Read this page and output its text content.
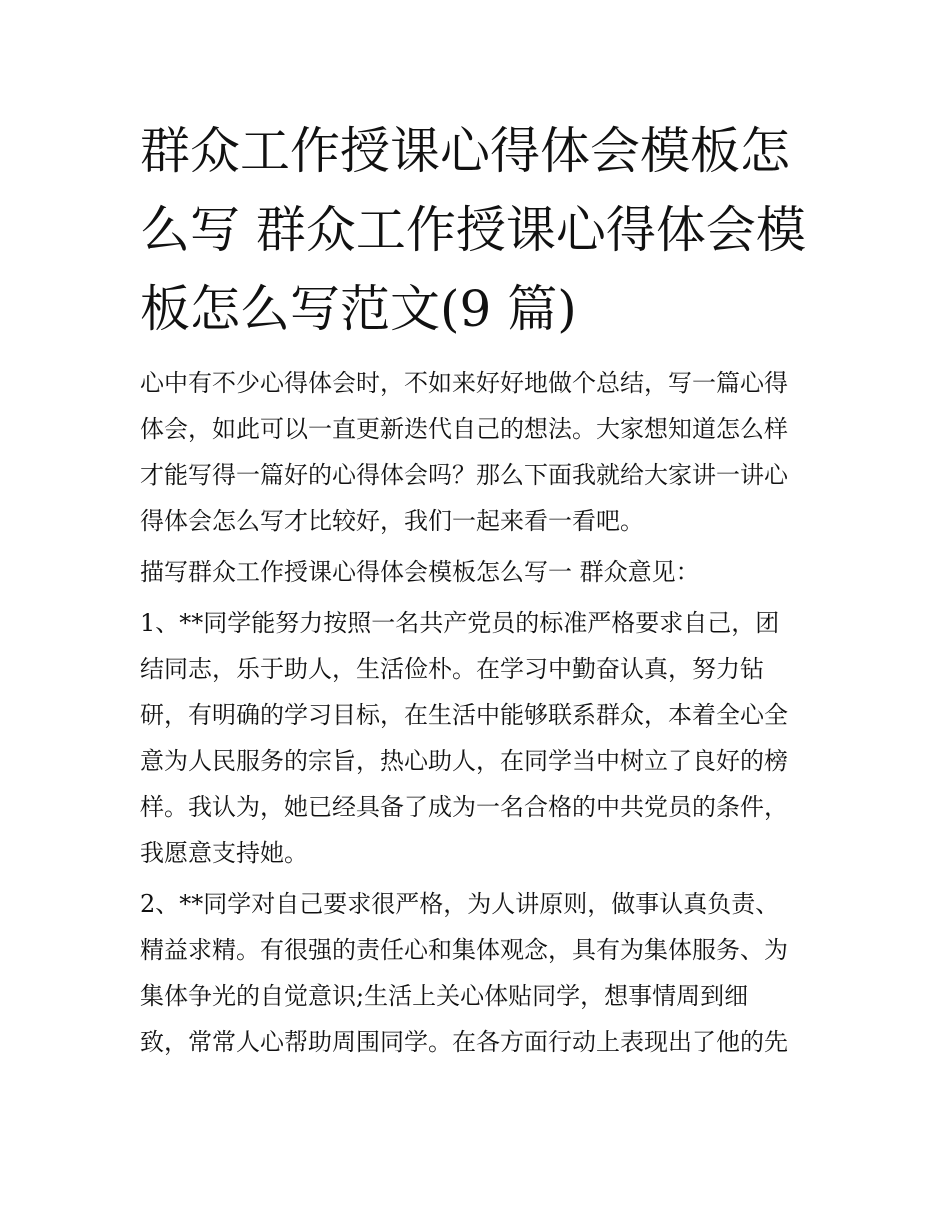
群众工作授课心得体会模板怎
么写 群众工作授课心得体会模
板怎么写范文(9 篇)

心中有不少心得体会时，不如来好好地做个总结，写一篇心得
体会，如此可以一直更新迭代自己的想法。大家想知道怎么样
才能写得一篇好的心得体会吗？那么下面我就给大家讲一讲心
得体会怎么写才比较好，我们一起来看一看吧。

描写群众工作授课心得体会模板怎么写一 群众意见：

1、**同学能努力按照一名共产党员的标准严格要求自己，团
结同志，乐于助人，生活俭朴。在学习中勤奋认真，努力钻
研，有明确的学习目标，在生活中能够联系群众，本着全心全
意为人民服务的宗旨，热心助人，在同学当中树立了良好的榜
样。我认为，她已经具备了成为一名合格的中共党员的条件，
我愿意支持她。

2、**同学对自己要求很严格，为人讲原则，做事认真负责、
精益求精。有很强的责任心和集体观念，具有为集体服务、为
集体争光的自觉意识;生活上关心体贴同学，想事情周到细
致，常常人心帮助周围同学。在各方面行动上表现出了他的先
